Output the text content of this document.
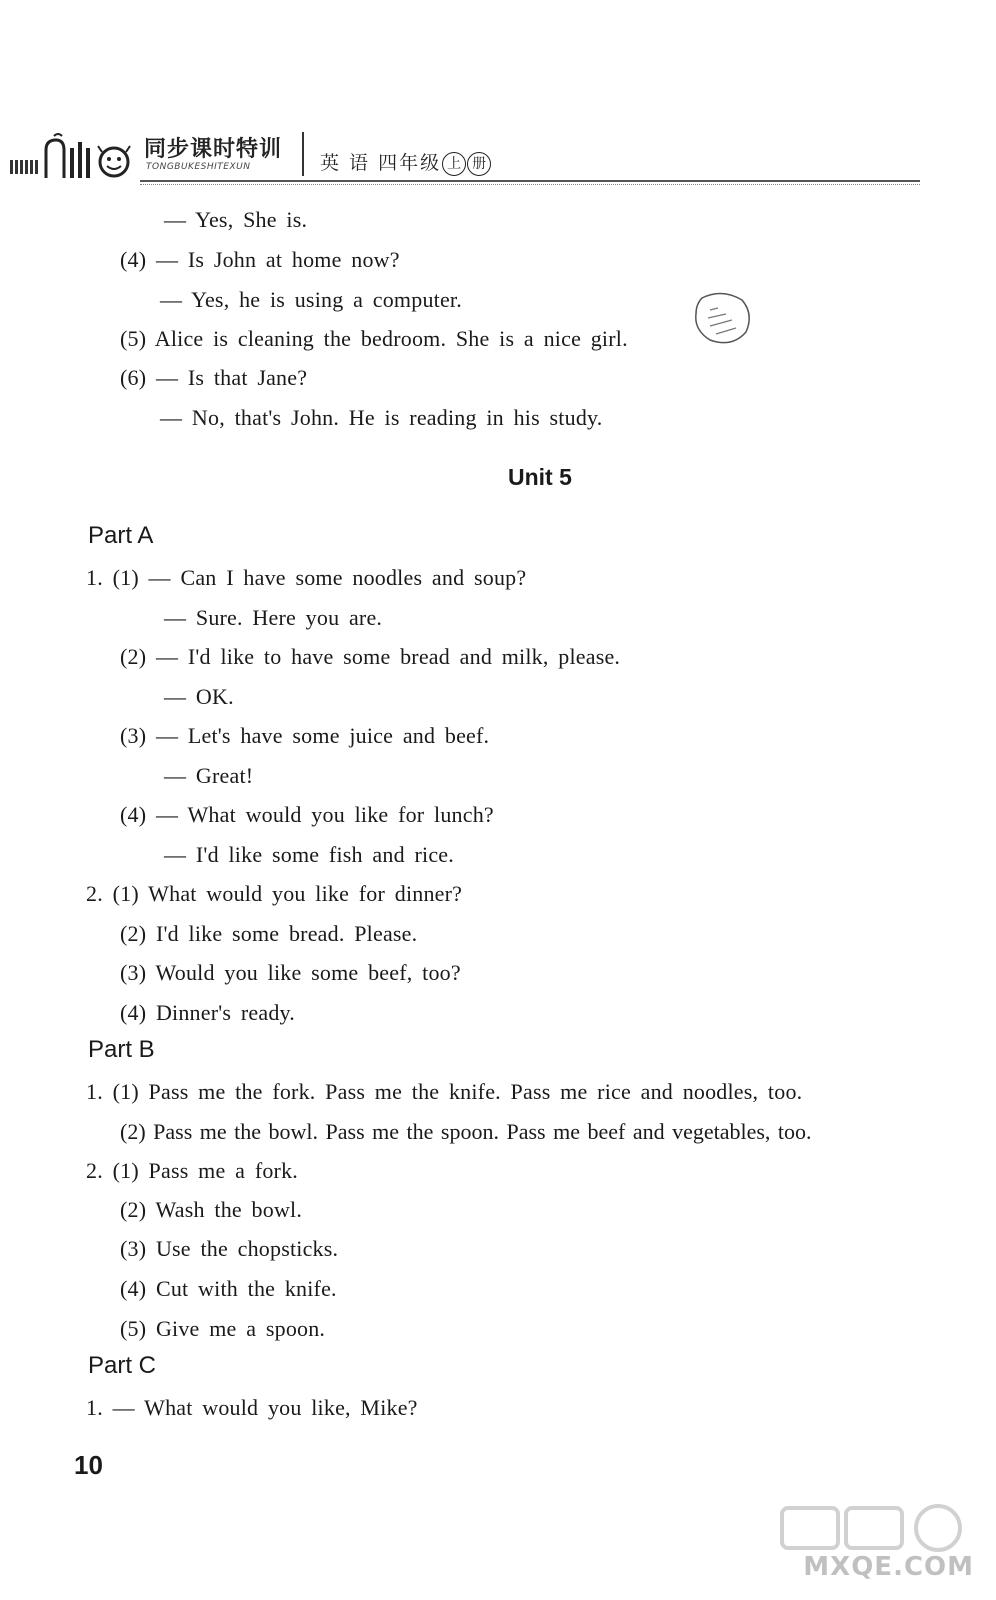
同步课时特训
TONGBUKESHITEXUN	英 语 四年级 上 册
— Yes, She is.
(4) — Is John at home now?
— Yes, he is using a computer.
(5) Alice is cleaning the bedroom. She is a nice girl.
(6) — Is that Jane?
— No, that's John. He is reading in his study.
Unit 5
Part A
1. (1) — Can I have some noodles and soup?
— Sure. Here you are.
(2) — I'd like to have some bread and milk, please.
— OK.
(3) — Let's have some juice and beef.
— Great!
(4) — What would you like for lunch?
— I'd like some fish and rice.
2. (1) What would you like for dinner?
(2) I'd like some bread. Please.
(3) Would you like some beef, too?
(4) Dinner's ready.
Part B
1. (1) Pass me the fork. Pass me the knife. Pass me rice and noodles, too.
(2) Pass me the bowl. Pass me the spoon. Pass me beef and vegetables, too.
2. (1) Pass me a fork.
(2) Wash the bowl.
(3) Use the chopsticks.
(4) Cut with the knife.
(5) Give me a spoon.
Part C
1. — What would you like, Mike?
10
MXQE.COM
